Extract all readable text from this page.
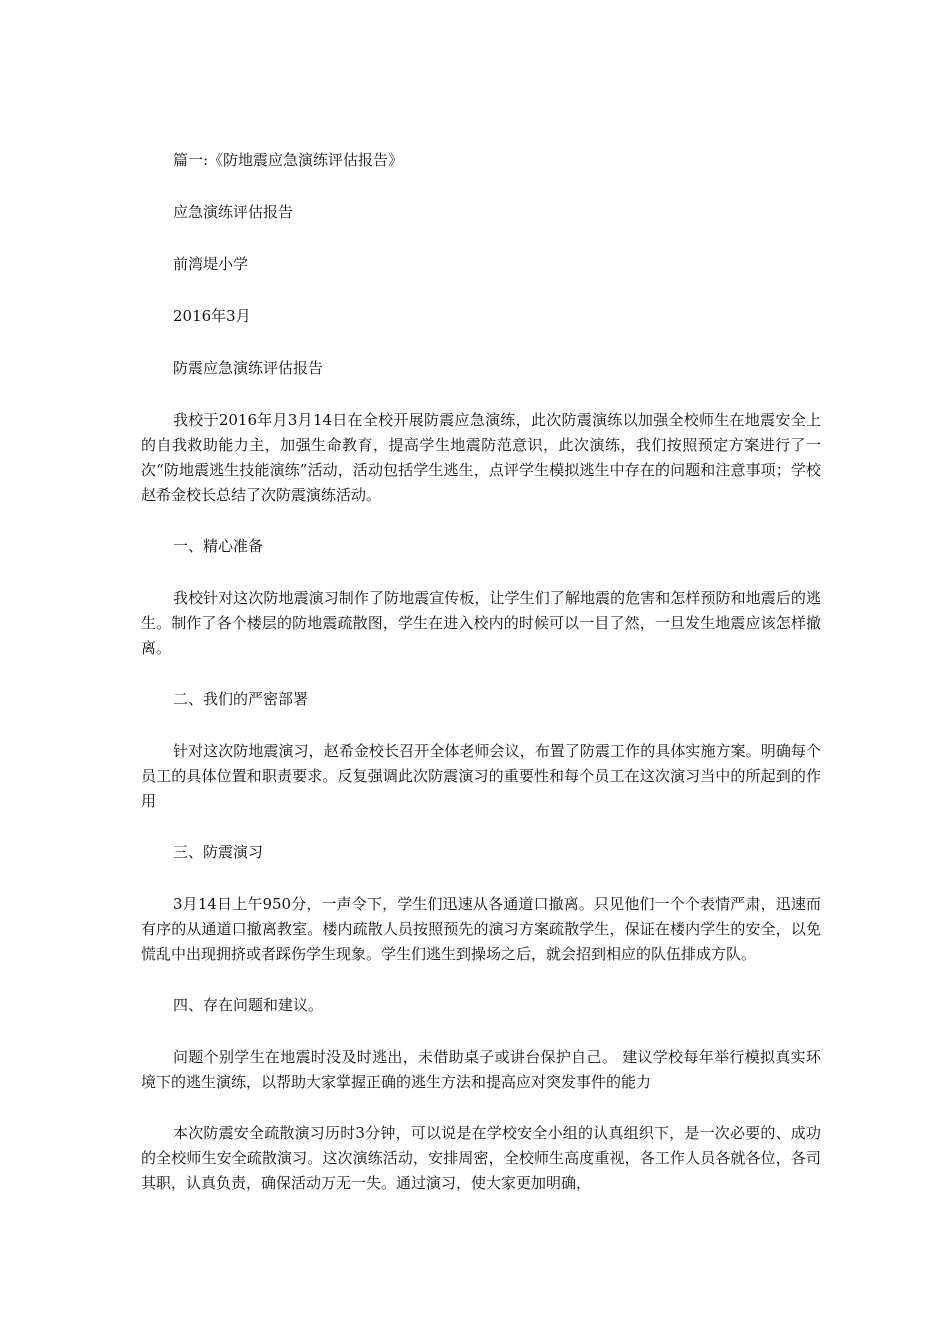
篇一:《防地震应急演练评估报告》

应急演练评估报告

前湾堤小学

2016年3月

防震应急演练评估报告

我校于2016年月3月14日在全校开展防震应急演练，此次防震演练以加强全校师生在地震安全上的自我救助能力主，加强生命教育，提高学生地震防范意识，此次演练，我们按照预定方案进行了一次“防地震逃生技能演练”活动，活动包括学生逃生，点评学生模拟逃生中存在的问题和注意事项；学校赵希金校长总结了次防震演练活动。

一、精心准备

我校针对这次防地震演习制作了防地震宣传板，让学生们了解地震的危害和怎样预防和地震后的逃生。制作了各个楼层的防地震疏散图，学生在进入校内的时候可以一目了然，一旦发生地震应该怎样撤离。

二、我们的严密部署

针对这次防地震演习，赵希金校长召开全体老师会议，布置了防震工作的具体实施方案。明确每个员工的具体位置和职责要求。反复强调此次防震演习的重要性和每个员工在这次演习当中的所起到的作用

三、防震演习

3月14日上午950分，一声令下，学生们迅速从各通道口撤离。只见他们一个个表情严肃，迅速而有序的从通道口撤离教室。楼内疏散人员按照预先的演习方案疏散学生，保证在楼内学生的安全，以免慌乱中出现拥挤或者踩伤学生现象。学生们逃生到操场之后，就会招到相应的队伍排成方队。

四、存在问题和建议。

问题个别学生在地震时没及时逃出，未借助桌子或讲台保护自己。 建议学校每年举行模拟真实环境下的逃生演练，以帮助大家掌握正确的逃生方法和提高应对突发事件的能力

本次防震安全疏散演习历时3分钟，可以说是在学校安全小组的认真组织下，是一次必要的、成功的全校师生安全疏散演习。这次演练活动，安排周密，全校师生高度重视，各工作人员各就各位，各司其职，认真负责，确保活动万无一失。通过演习，使大家更加明确，
